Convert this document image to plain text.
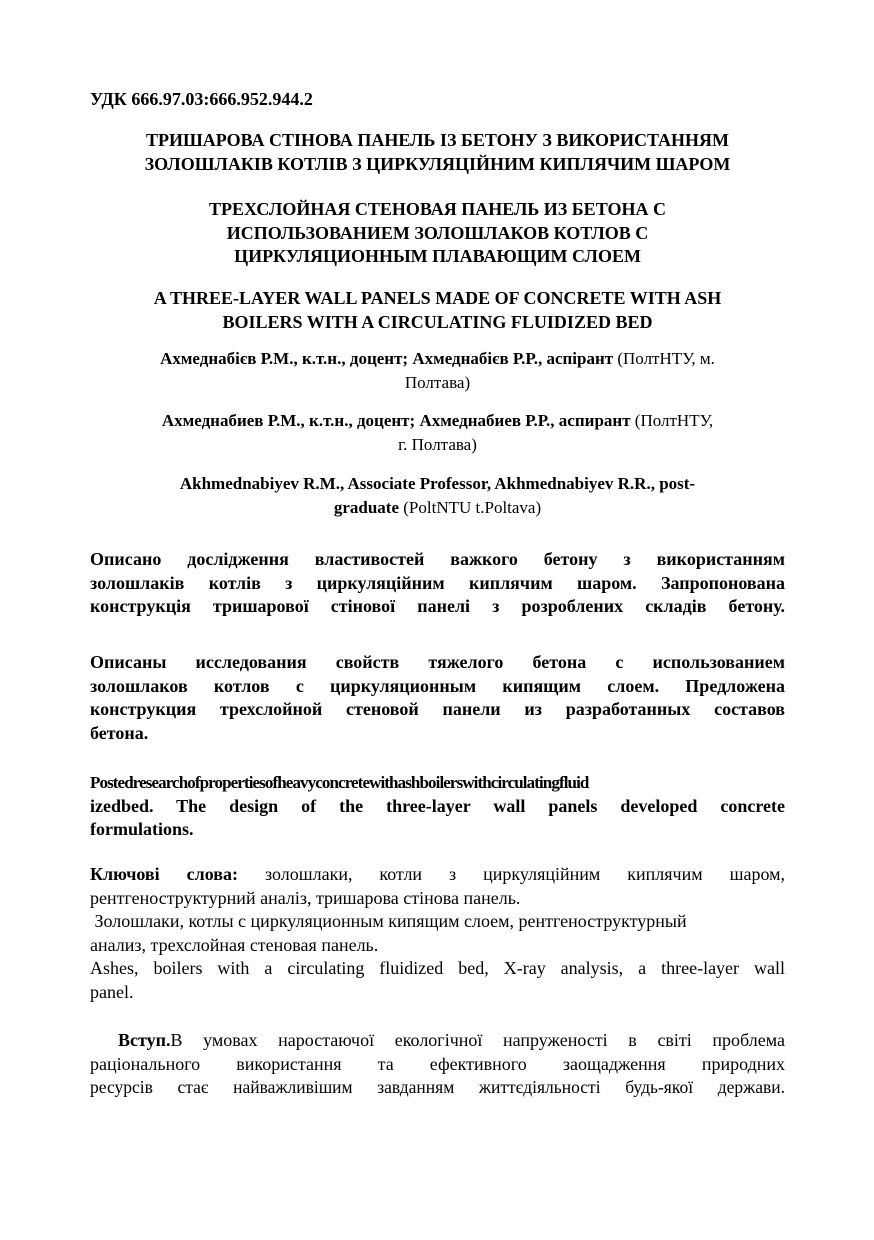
УДК 666.97.03:666.952.944.2
ТРИШАРОВА СТІНОВА ПАНЕЛЬ ІЗ БЕТОНУ З ВИКОРИСТАННЯМ
ЗОЛОШЛАКІВ КОТЛІВ З ЦИРКУЛЯЦІЙНИМ КИПЛЯЧИМ ШАРОМ
ТРЕХСЛОЙНАЯ СТЕНОВАЯ ПАНЕЛЬ ИЗ БЕТОНА С
ИСПОЛЬЗОВАНИЕМ ЗОЛОШЛАКОВ КОТЛОВ С
ЦИРКУЛЯЦИОННЫМ ПЛАВАЮЩИМ СЛОЕМ
A THREE-LAYER WALL PANELS MADE OF CONCRETE WITH ASH
BOILERS WITH A CIRCULATING FLUIDIZED BED
Ахмеднабієв Р.М., к.т.н., доцент; Ахмеднабієв Р.Р., аспірант (ПолтНТУ, м.
Полтава)
Ахмеднабиев Р.М., к.т.н., доцент; Ахмеднабиев Р.Р., аспирант (ПолтНТУ,
г. Полтава)
Akhmednabiyev R.M., Associate Professor, Akhmednabiyev R.R., post-
graduate (PoltNTU t.Poltava)
Описано дослідження властивостей важкого бетону з використанням
золошлаків котлів з циркуляційним киплячим шаром. Запропонована
конструкція тришарової стінової панелі з розроблених складів бетону.
Описаны исследования свойств тяжелого бетона с использованием
золошлаков котлов с циркуляционным кипящим слоем. Предложена
конструкция трехслойной стеновой панели из разработанных составов
бетона.
Postedresearchofpropertiesofheavyconcretewithashboilerswithcirculatingfluid
izedbed. The design of the three-layer wall panels developed concrete
formulations.
Ключові слова: золошлаки, котли з циркуляційним киплячим шаром,
рентгеноструктурний аналіз, тришарова стінова панель.
Золошлаки, котлы с циркуляционным кипящим слоем, рентгеноструктурный
анализ, трехслойная стеновая панель.
Ashes, boilers with a circulating fluidized bed, X-ray analysis, a three-layer wall
panel.
Вступ.В умовах наростаючої екологічної напруженості в світі проблема
раціонального використання та ефективного заощадження природних
ресурсів стає найважливішим завданням життєдіяльності будь-якої держави.
